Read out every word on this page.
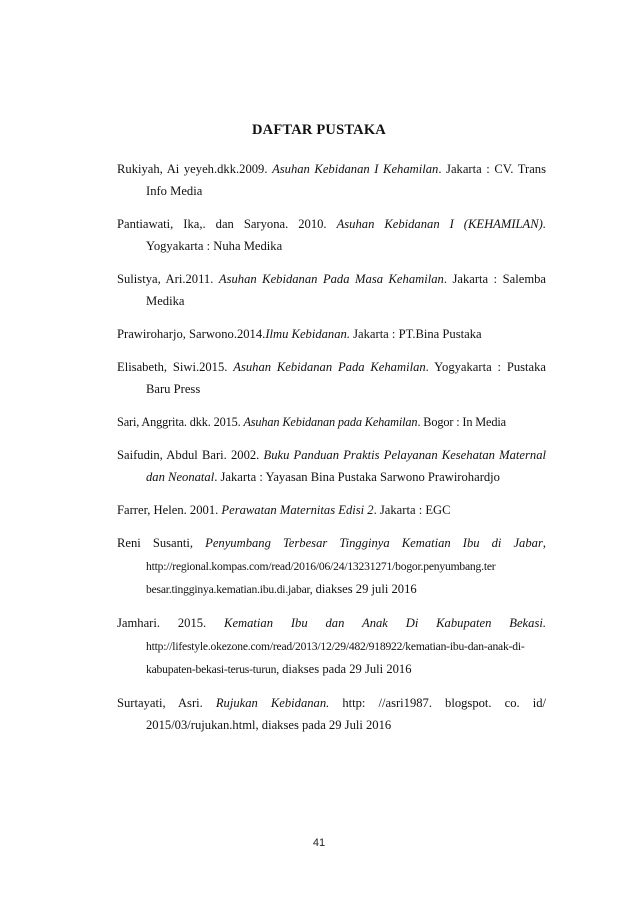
DAFTAR PUSTAKA

Rukiyah, Ai yeyeh.dkk.2009. Asuhan Kebidanan I Kehamilan. Jakarta : CV. Trans Info Media

Pantiawati, Ika,. dan Saryona. 2010. Asuhan Kebidanan I (KEHAMILAN). Yogyakarta : Nuha Medika

Sulistya, Ari.2011. Asuhan Kebidanan Pada Masa Kehamilan. Jakarta : Salemba Medika

Prawiroharjo, Sarwono.2014.Ilmu Kebidanan. Jakarta : PT.Bina Pustaka

Elisabeth, Siwi.2015. Asuhan Kebidanan Pada Kehamilan. Yogyakarta : Pustaka Baru Press

Sari, Anggrita. dkk. 2015. Asuhan Kebidanan pada Kehamilan. Bogor : In Media

Saifudin, Abdul Bari. 2002. Buku Panduan Praktis Pelayanan Kesehatan Maternal dan Neonatal. Jakarta : Yayasan Bina Pustaka Sarwono Prawirohardjo

Farrer, Helen. 2001. Perawatan Maternitas Edisi 2. Jakarta : EGC

Reni Susanti, Penyumbang Terbesar Tingginya Kematian Ibu di Jabar, http://regional.kompas.com/read/2016/06/24/13231271/bogor.penyumbang.ter besar.tingginya.kematian.ibu.di.jabar, diakses 29 juli 2016

Jamhari. 2015. Kematian Ibu dan Anak Di Kabupaten Bekasi. http://lifestyle.okezone.com/read/2013/12/29/482/918922/kematian-ibu-dan-anak-di-kabupaten-bekasi-terus-turun, diakses pada 29 Juli 2016

Surtayati, Asri. Rujukan Kebidanan. http: //asri1987. blogspot. co. id/ 2015/03/rujukan.html, diakses pada 29 Juli 2016

41
